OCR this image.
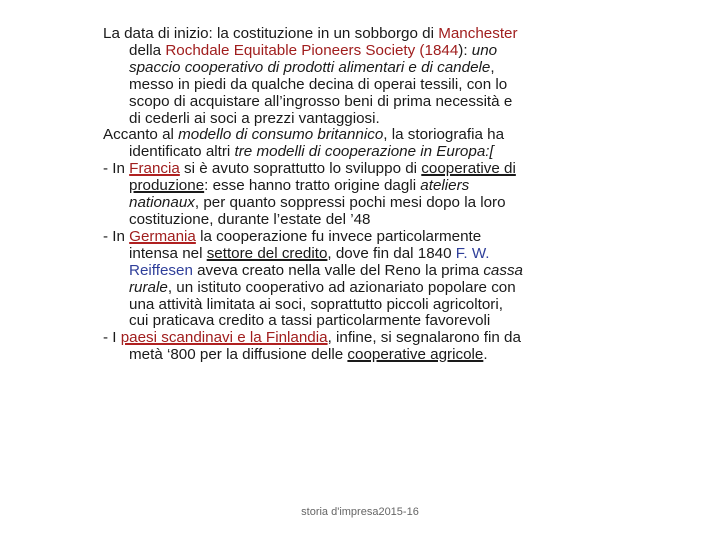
La data di inizio: la costituzione in un sobborgo di Manchester della Rochdale Equitable Pioneers Society (1844): uno spaccio cooperativo di prodotti alimentari e di candele, messo in piedi da qualche decina di operai tessili, con lo scopo di acquistare all’ingrosso beni di prima necessità e di cederli ai soci a prezzi vantaggiosi.

Accanto al modello di consumo britannico, la storiografia ha identificato altri tre modelli di cooperazione in Europa:[

- In Francia si è avuto soprattutto lo sviluppo di cooperative di produzione: esse hanno tratto origine dagli ateliers nationaux, per quanto soppressi pochi mesi dopo la loro costituzione, durante l’estate del ’48

- In Germania la cooperazione fu invece particolarmente intensa nel settore del credito, dove fin dal 1840 F. W. Reiffesen aveva creato nella valle del Reno la prima cassa rurale, un istituto cooperativo ad azionariato popolare con una attività limitata ai soci, soprattutto piccoli agricoltori, cui praticava credito a tassi particolarmente favorevoli

- I paesi scandinavi e la Finlandia, infine, si segnalarono fin da metà ‘800 per la diffusione delle cooperative agricole.

storia d'impresa2015-16
